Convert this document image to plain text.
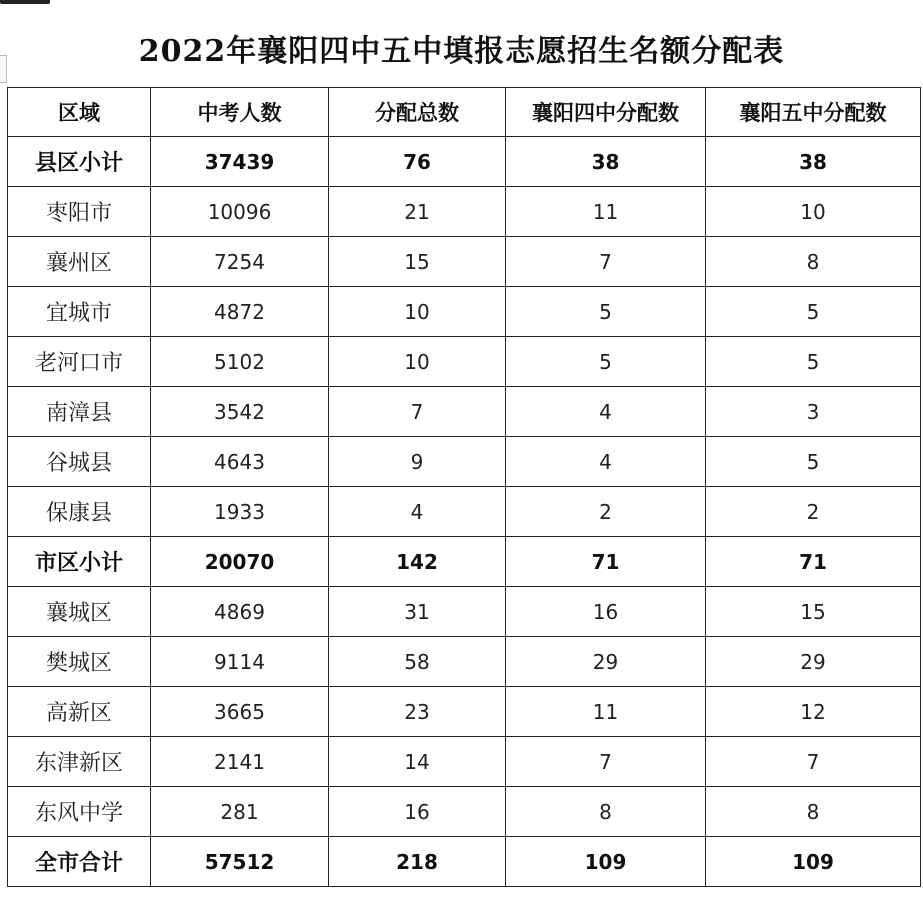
2022年襄阳四中五中填报志愿招生名额分配表
区域	中考人数	分配总数	襄阳四中分配数	襄阳五中分配数
县区小计	37439	76	38	38
枣阳市	10096	21	11	10
襄州区	7254	15	7	8
宜城市	4872	10	5	5
老河口市	5102	10	5	5
南漳县	3542	7	4	3
谷城县	4643	9	4	5
保康县	1933	4	2	2
市区小计	20070	142	71	71
襄城区	4869	31	16	15
樊城区	9114	58	29	29
高新区	3665	23	11	12
东津新区	2141	14	7	7
东风中学	281	16	8	8
全市合计	57512	218	109	109
